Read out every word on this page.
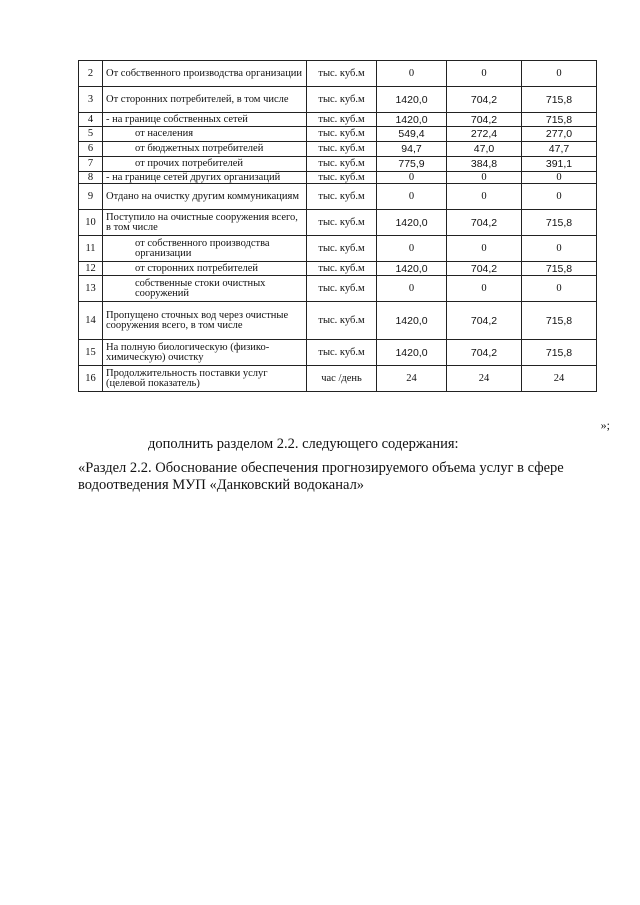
2	От собственного производства организации	тыс. куб.м	0	0	0
3	От сторонних потребителей, в том числе	тыс. куб.м	1420,0	704,2	715,8
4	- на границе собственных сетей	тыс. куб.м	1420,0	704,2	715,8
5	от населения	тыс. куб.м	549,4	272,4	277,0
6	от бюджетных потребителей	тыс. куб.м	94,7	47,0	47,7
7	от прочих потребителей	тыс. куб.м	775,9	384,8	391,1
8	- на границе сетей других организаций	тыс. куб.м	0	0	0
9	Отдано на очистку другим коммуникациям	тыс. куб.м	0	0	0
10	Поступило на очистные сооружения всего, в том числе	тыс. куб.м	1420,0	704,2	715,8
11	от собственного производства организации	тыс. куб.м	0	0	0
12	от сторонних потребителей	тыс. куб.м	1420,0	704,2	715,8
13	собственные стоки очистных сооружений	тыс. куб.м	0	0	0
14	Пропущено сточных вод через очистные сооружения всего, в том числе	тыс. куб.м	1420,0	704,2	715,8
15	На полную биологическую (физико-химическую) очистку	тыс. куб.м	1420,0	704,2	715,8
16	Продолжительность поставки услуг (целевой показатель)	час /день	24	24	24
»;
дополнить разделом 2.2. следующего содержания:
«Раздел 2.2. Обоснование обеспечения прогнозируемого объема услуг в сфере водоотведения МУП «Данковский водоканал»
